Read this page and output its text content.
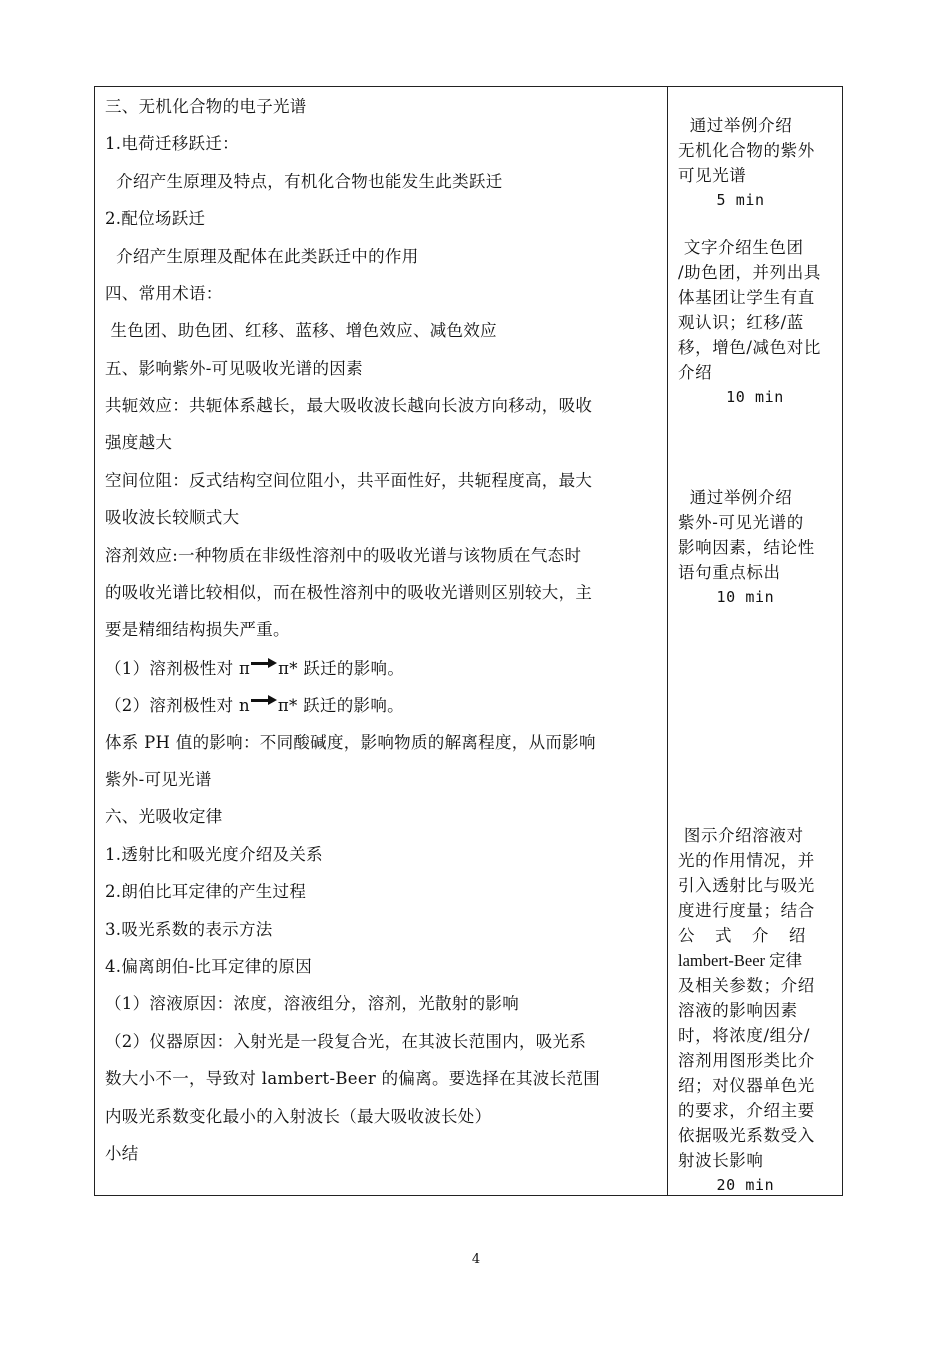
三、无机化合物的电子光谱
1.电荷迁移跃迁：
介绍产生原理及特点，有机化合物也能发生此类跃迁
2.配位场跃迁
介绍产生原理及配体在此类跃迁中的作用
四、常用术语：
生色团、助色团、红移、蓝移、增色效应、减色效应
五、影响紫外-可见吸收光谱的因素
共轭效应：共轭体系越长，最大吸收波长越向长波方向移动，吸收
强度越大
空间位阻：反式结构空间位阻小，共平面性好，共轭程度高，最大
吸收波长较顺式大
溶剂效应:一种物质在非级性溶剂中的吸收光谱与该物质在气态时
的吸收光谱比较相似，而在极性溶剂中的吸收光谱则区别较大，主
要是精细结构损失严重。
（1）溶剂极性对 π π* 跃迁的影响。
（2）溶剂极性对 n π* 跃迁的影响。
体系 PH 值的影响：不同酸碱度，影响物质的解离程度，从而影响
紫外-可见光谱
六、光吸收定律
1.透射比和吸光度介绍及关系
2.朗伯比耳定律的产生过程
3.吸光系数的表示方法
4.偏离朗伯-比耳定律的原因
（1）溶液原因：浓度，溶液组分，溶剂，光散射的影响
（2）仪器原因：入射光是一段复合光，在其波长范围内，吸光系
数大小不一，导致对 lambert-Beer 的偏离。要选择在其波长范围
内吸光系数变化最小的入射波长（最大吸收波长处）
小结
通过举例介绍
无机化合物的紫外
可见光谱
5 min
文字介绍生色团
/助色团，并列出具
体基团让学生有直
观认识；红移/蓝
移，增色/减色对比
介绍
10 min
通过举例介绍
紫外-可见光谱的
影响因素，结论性
语句重点标出
10 min
图示介绍溶液对
光的作用情况，并
引入透射比与吸光
度进行度量；结合
公 式 介 绍
lambert-Beer 定律
及相关参数；介绍
溶液的影响因素
时，将浓度/组分/
溶剂用图形类比介
绍；对仪器单色光
的要求，介绍主要
依据吸光系数受入
射波长影响
20 min
4
